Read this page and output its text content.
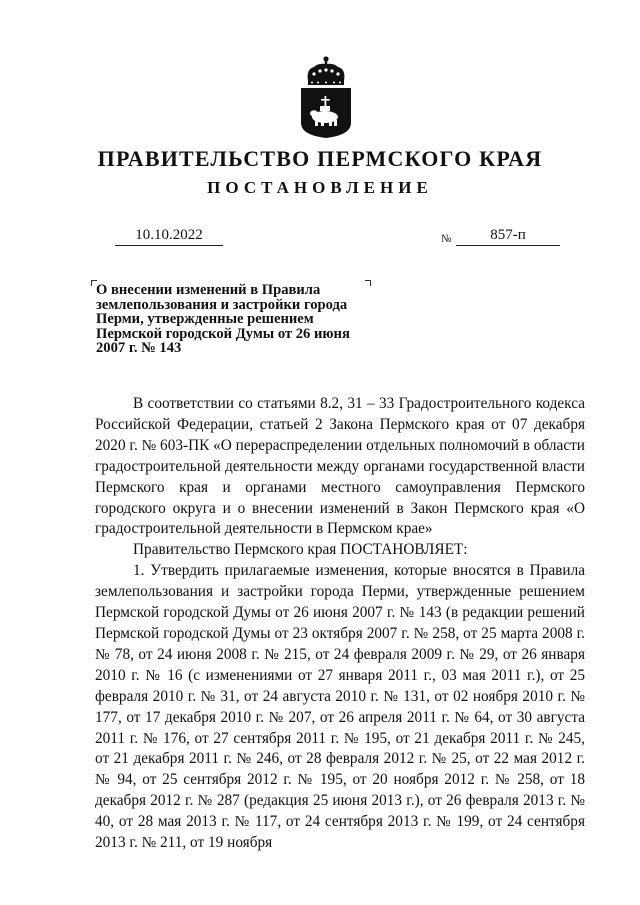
ПРАВИТЕЛЬСТВО ПЕРМСКОГО КРАЯ
ПОСТАНОВЛЕНИЕ
10.10.2022	№	857-п
О внесении изменений в Правила
землепользования и застройки города
Перми, утвержденные решением
Пермской городской Думы от 26 июня
2007 г. № 143

В соответствии со статьями 8.2, 31 – 33 Градостроительного кодекса Российской Федерации, статьей 2 Закона Пермского края от 07 декабря 2020 г. № 603-ПК «О перераспределении отдельных полномочий в области градостроительной деятельности между органами государственной власти Пермского края и органами местного самоуправления Пермского городского округа и о внесении изменений в Закон Пермского края «О градостроительной деятельности в Пермском крае»

Правительство Пермского края ПОСТАНОВЛЯЕТ:

1. Утвердить прилагаемые изменения, которые вносятся в Правила землепользования и застройки города Перми, утвержденные решением Пермской городской Думы от 26 июня 2007 г. № 143 (в редакции решений Пермской городской Думы от 23 октября 2007 г. № 258, от 25 марта 2008 г. № 78, от 24 июня 2008 г. № 215, от 24 февраля 2009 г. № 29, от 26 января 2010 г. № 16 (с изменениями от 27 января 2011 г., 03 мая 2011 г.), от 25 февраля 2010 г. № 31, от 24 августа 2010 г. № 131, от 02 ноября 2010 г. № 177, от 17 декабря 2010 г. № 207, от 26 апреля 2011 г. № 64, от 30 августа 2011 г. № 176, от 27 сентября 2011 г. № 195, от 21 декабря 2011 г. № 245, от 21 декабря 2011 г. № 246, от 28 февраля 2012 г. № 25, от 22 мая 2012 г. № 94, от 25 сентября 2012 г. № 195, от 20 ноября 2012 г. № 258, от 18 декабря 2012 г. № 287 (редакция 25 июня 2013 г.), от 26 февраля 2013 г. № 40, от 28 мая 2013 г. № 117, от 24 сентября 2013 г. № 199, от 24 сентября 2013 г. № 211, от 19 ноября
